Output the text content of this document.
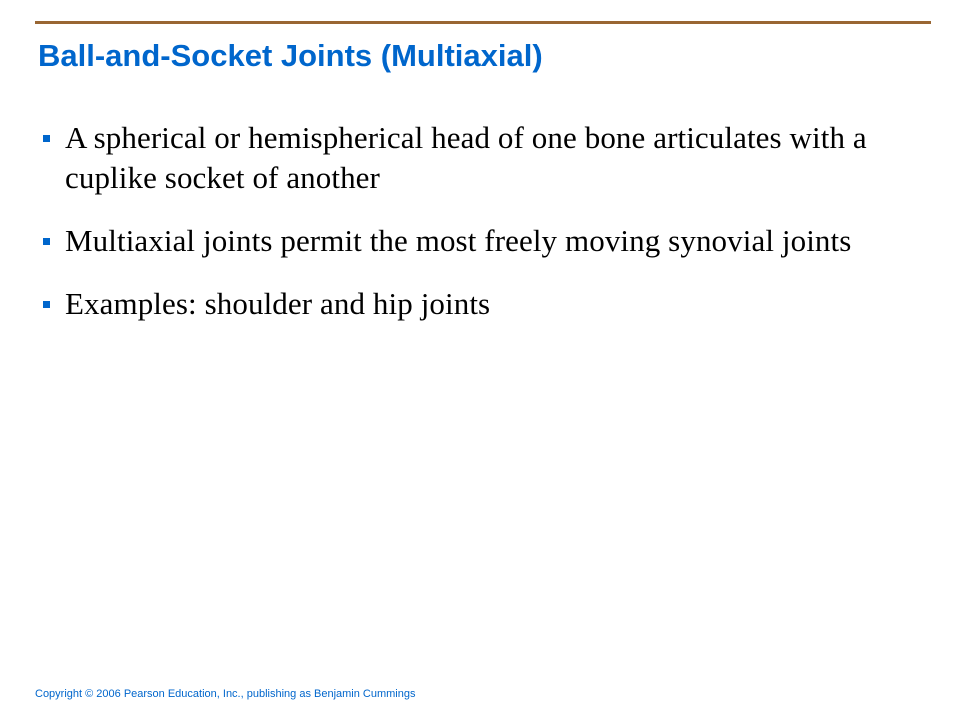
Ball-and-Socket Joints (Multiaxial)
A spherical or hemispherical head of one bone articulates with a cuplike socket of another
Multiaxial joints permit the most freely moving synovial joints
Examples: shoulder and hip joints

Copyright © 2006 Pearson Education, Inc., publishing as Benjamin Cummings
